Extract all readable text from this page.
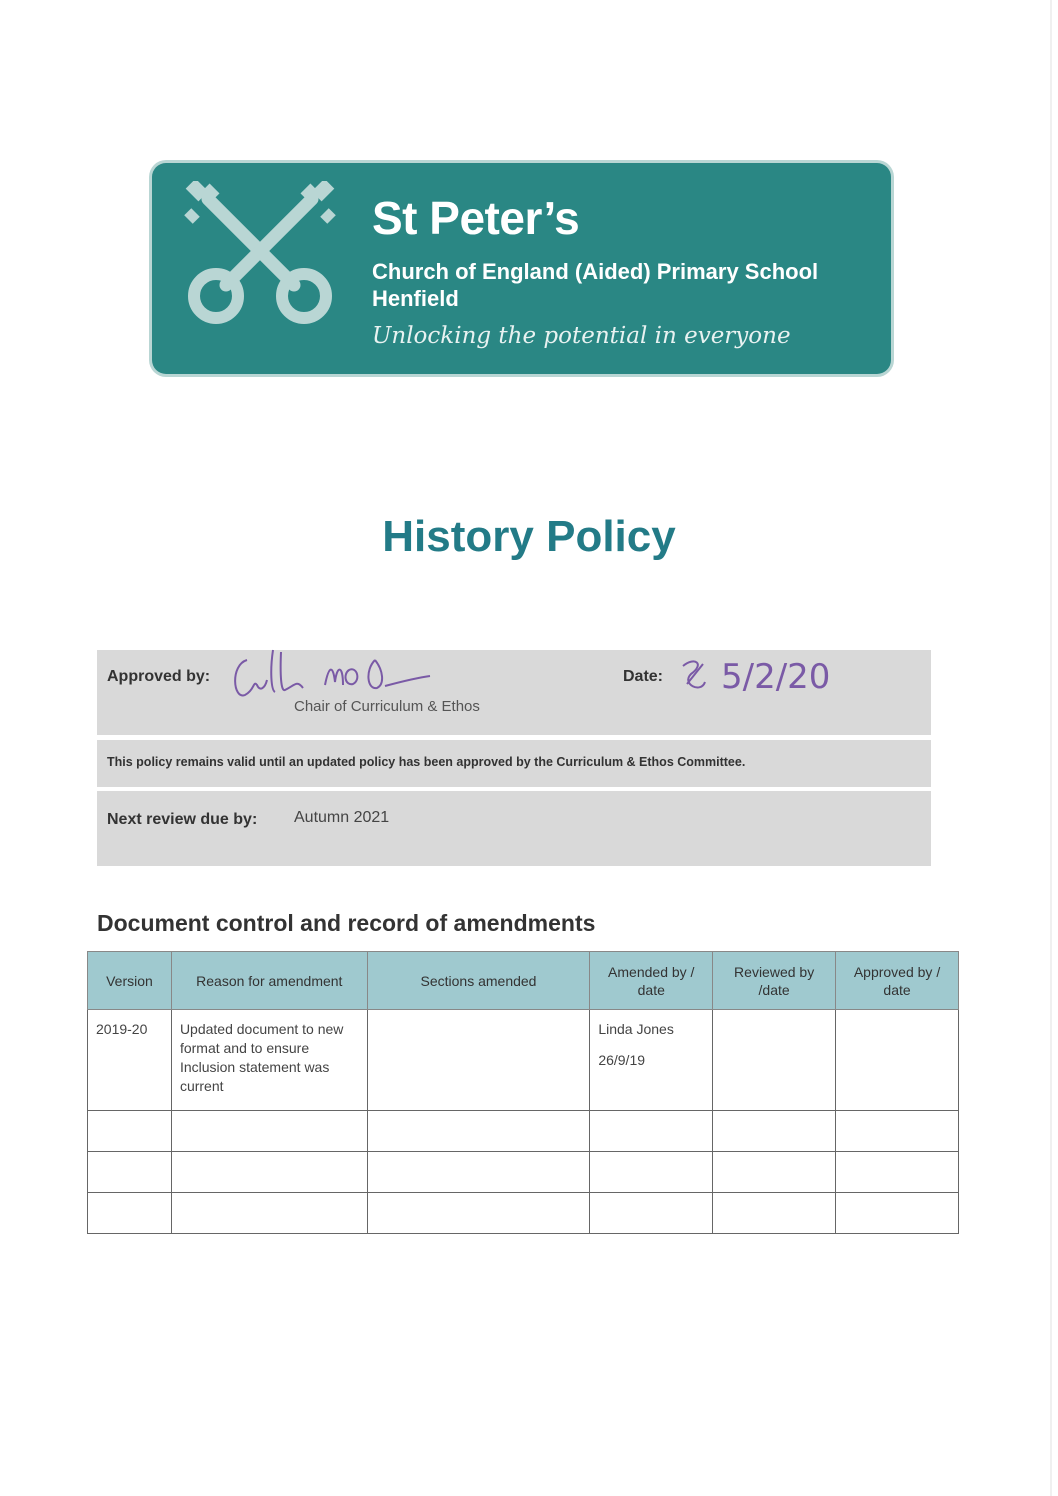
St Peter’s
Church of England (Aided) Primary School
Henfield
Unlocking the potential in everyone
History Policy
Approved by:
Chair of Curriculum & Ethos
Date: 5/2/20
This policy remains valid until an updated policy has been approved by the Curriculum & Ethos Committee.
Next review due by:	Autumn 2021
Document control and record of amendments
Version	Reason for amendment	Sections amended	Amended by / date	Reviewed by /date	Approved by / date
2019-20	Updated document to new format and to ensure Inclusion statement was current		Linda Jones
26/9/19		
